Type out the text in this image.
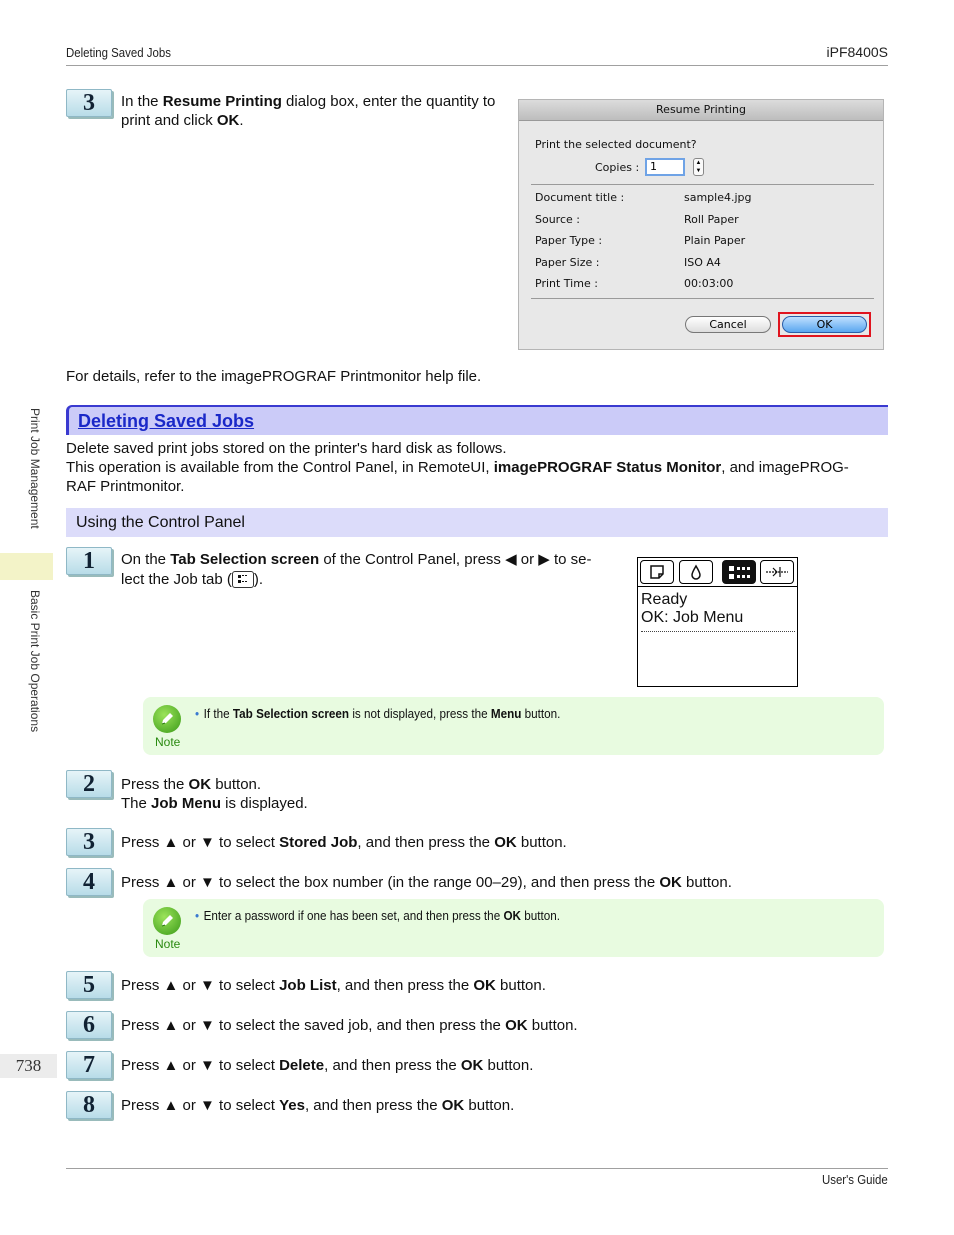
Deleting Saved Jobs	iPF8400S
Print Job Management
Basic Print Job Operations
738
3	In the Resume Printing dialog box, enter the quantity to print and click OK.
Resume Printing
Print the selected document?
Copies : 1	▲
▼
Document title :	sample4.jpg
Source :	Roll Paper
Paper Type :	Plain Paper
Paper Size :	ISO A4
Print Time :	00:03:00
Cancel	OK
For details, refer to the imagePROGRAF Printmonitor help file.
Deleting Saved Jobs
Delete saved print jobs stored on the printer's hard disk as follows.
This operation is available from the Control Panel, in RemoteUI, imagePROGRAF Status Monitor, and imagePROG-
RAF Printmonitor.
Using the Control Panel
1	On the Tab Selection screen of the Control Panel, press ◀ or ▶ to se-
lect the Job tab ( ).
Ready
OK: Job Menu
Note
• If the Tab Selection screen is not displayed, press the Menu button.
2	Press the OK button.
The Job Menu is displayed.
3	Press ▲ or ▼ to select Stored Job, and then press the OK button.
4	Press ▲ or ▼ to select the box number (in the range 00–29), and then press the OK button.
Note
• Enter a password if one has been set, and then press the OK button.
5	Press ▲ or ▼ to select Job List, and then press the OK button.
6	Press ▲ or ▼ to select the saved job, and then press the OK button.
7	Press ▲ or ▼ to select Delete, and then press the OK button.
8	Press ▲ or ▼ to select Yes, and then press the OK button.
User's Guide
